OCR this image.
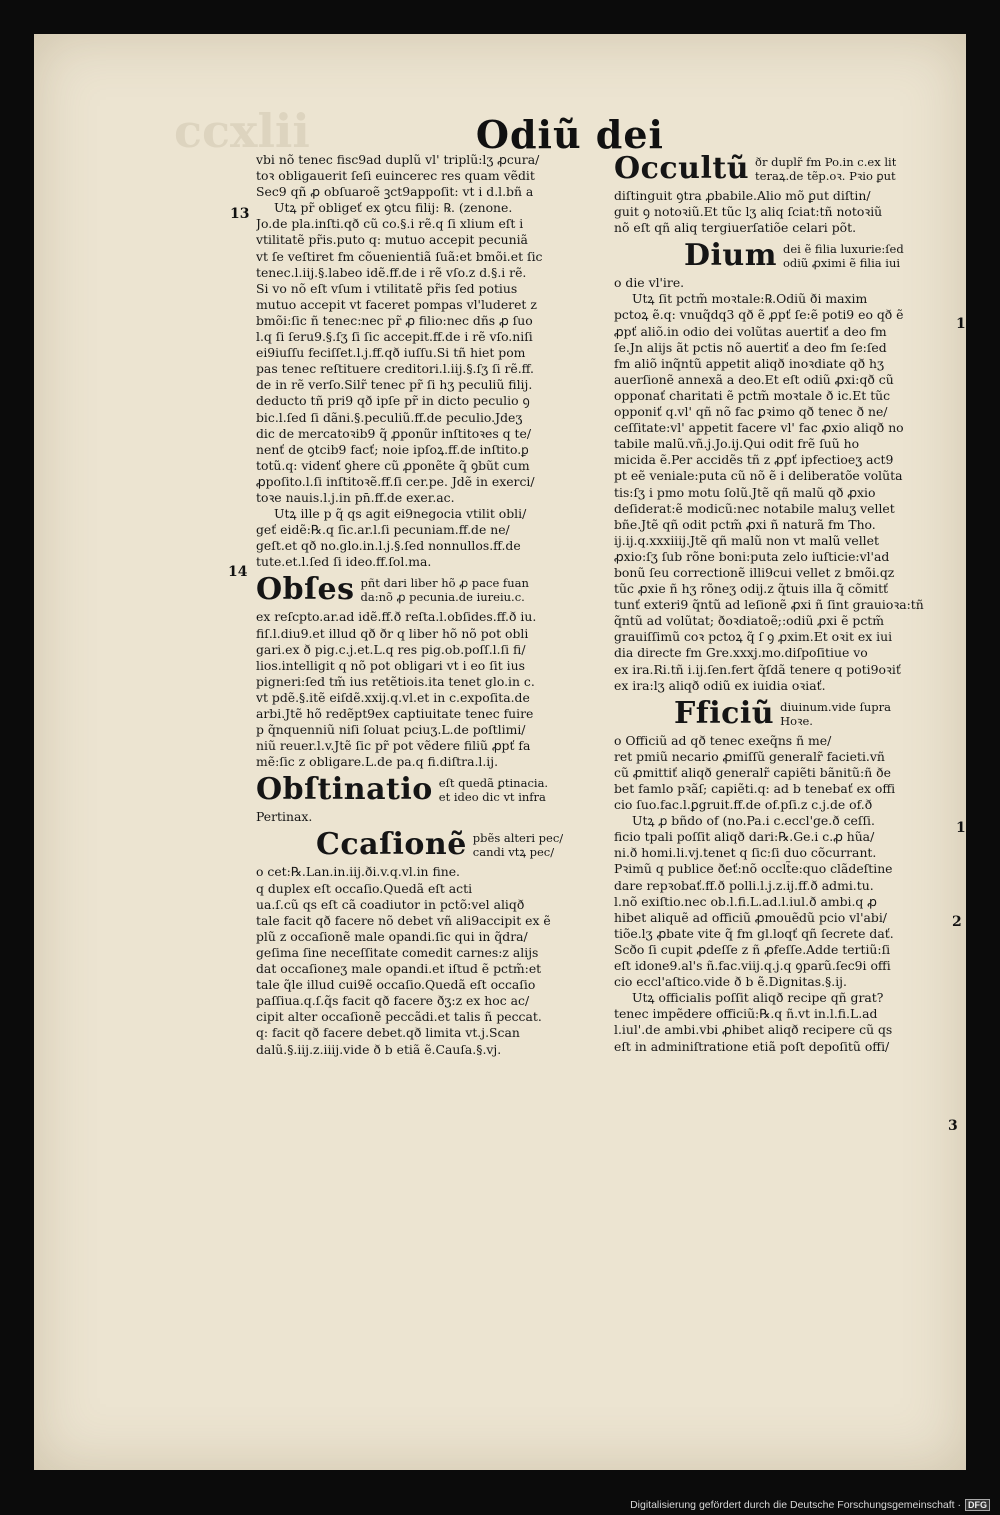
ccxlii	Odiũ dei
vbi nõ tenec fisc9ad duplũ vl' triplũ:lʒ ꝓcura/
toꝛ obligauerit ſeſi euincerec res quam vẽdit
Sec9 qñ ꝓ obſuaroẽ ꝫct9appoſit: vt i d.l.bñ a
Utꝝ pr̃ obligeť ex ꝯtcu filij: ℞. (zenone.
Jo.de pla.inſti.qð cũ co.§.i rẽ.q ſi xlium eſt i
vtilitatẽ pr̃is.puto q: mutuo accepit pecuniã
vt ſe veſtiret fm cõuenientiã ſuã:et bmõi.et ſic
tenec.l.iij.§.labeo idẽ.ff.de i rẽ vſo.z d.§.i rẽ.
Si vo nõ eſt vſum i vtilitatẽ pr̃is ſed potius
mutuo accepit vt faceret pompas vl'luderet z
bmõi:ſic ñ tenec:nec pr̃ ꝓ filio:nec dñs ꝓ ſuo
l.q ſi ſeru9.§.ſʒ ſi ſic accepit.ff.de i rẽ vſo.niſi
ei9iuſſu feciſſet.l.j.ff.qð iuſſu.Si tñ hiet pom
pas tenec reſtituere creditori.l.iij.§.ſʒ ſi rẽ.ff.
de in rẽ verſo.Silr̃ tenec pr̃ ſi hʒ peculiũ filij.
deducto tñ pri9 qð ipſe pr̃ in dicto peculio ꝯ
bic.l.ſed ſi dãni.§.peculiũ.ff.de peculio.Jdeʒ
dic de mercatoꝛib9 q̃ ꝓponũr inſtitoꝛes q te/
nenť de ꝯtcib9 facť; noie ipſoꝝ.ff.de inſtito.ꝑ
totũ.q: videnť ꝯhere cũ ꝓponẽte q̃ ꝯbũt cum
ꝓpoſito.l.ſi inſtitoꝛẽ.ff.ſi cer.pe. Jdẽ in exerci/
toꝛe nauis.l.j.in pn̄.ff.de exer.ac.
Utꝝ ille p q̃ qs agit ei9negocia vtilit obli/
geť eidẽ:℞.q ſic.ar.l.ſi pecuniam.ff.de ne/
geſt.et qð no.glo.in.l.j.§.ſed nonnullos.ff.de
tute.et.l.ſed ſi ideo.ff.ſol.ma.
Obſes pñt dari liber hõ ꝓ pace fuan
da:nõ ꝓ pecunia.de iureiu.c.
ex reſcpto.ar.ad idẽ.ff.ð reſta.l.obſides.ff.ð iu.
fiſ.l.diu9.et illud qð ðr q liber hõ nõ pot obli
gari.ex ð pig.c.j.et.L.q res pig.ob.poſſ.l.ſi fi/
lios.intelligit q nõ pot obligari vt i eo ſit ius
pigneri:ſed tm̃ ius retẽtiois.ita tenet glo.in c.
vt pdẽ.§.itẽ eiſdẽ.xxij.q.vl.et in c.expoſita.de
arbi.Jtẽ hõ redẽpt9ex captiuitate tenec fuire
p q̃nquenniũ niſi ſoluat pciuʒ.L.de poſtlimi/
niũ reuer.l.v.Jtẽ ſic pr̃ pot vẽdere filiũ ꝓpť fa
mẽ:ſic z obligare.L.de pa.q fi.diſtra.l.ij.
Obſtinatio eſt quedã ꝑtinacia.
et ideo dic vt infra
Pertinax.
Ccaſionẽ pbẽs alteri pec/
candi vtꝝ pec/
o cet:℞.Lan.in.iij.ði.v.q.vl.in fine.
q duplex eſt occaſio.Quedã eſt acti
ua.ſ.cũ qs eſt cã coadiutor in pctõ:vel aliqð
tale facit qð facere nõ debet vñ ali9accipit ex ẽ
plũ z occaſionẽ male opandi.ſic qui in q̃dra/
geſima ſine neceſſitate comedit carnes:z alijs
dat occaſioneʒ male opandi.et iſtud ẽ pctm̃:et
tale q̃le illud cui9ẽ occaſio.Quedã eſt occaſio
paſſiua.q.ſ.q̃s facit qð facere ðʒ:z ex hoc ac/
cipit alter occaſionẽ peccãdi.et talis ñ peccat.
q: facit qð facere debet.qð limita vt.j.Scan
dalũ.§.iij.z.iiij.vide ð b etiã ẽ.Cauſa.§.vj.
13
14
Occultũ ðr duplr̃ fm Po.in c.ex lit
teraꝝ.de tẽp.oꝛ. Pꝛio ꝑut
diſtinguit ꝯtra ꝓbabile.Alio mõ ꝑut diſtin/
guit ꝯ notoꝛiũ.Et tũc lʒ aliq ſciat:tñ notoꝛiũ
nõ eſt qñ aliq tergiuerſatiõe celari põt.
Dium dei ẽ filia luxurie:ſed
odiũ ꝓximi ẽ filia iui
o die vl'ire.
Utꝝ ſit pctm̃ moꝛtale:℞.Odiũ ði maxim
pctoꝝ ẽ.q: vnuq̃dq3 qð ẽ ꝓpť ſe:ẽ poti9 eo qð ẽ
ꝓpť aliõ.in odio dei volũtas auertiť a deo fm
ſe.Jn alijs ãt pctis nõ auertiť a deo fm ſe:ſed
fm aliõ inq̃ntũ appetit aliqð inoꝛdiate qð hʒ
auerſionẽ annexã a deo.Et eſt odiũ ꝓxi:qð cũ
opponať charitati ẽ pctm̃ moꝛtale ð ic.Et tũc
opponiť q.vl' qñ nõ fac ꝑꝛimo qð tenec ð ne/
ceſſitate:vl' appetit facere vl' fac ꝓxio aliqð no
tabile malũ.vñ.j.Jo.ij.Qui odit frẽ ſuũ ho
micida ẽ.Per accidẽs tñ z ꝓpť ipfectioeʒ act9
pt eẽ veniale:puta cũ nõ ẽ i deliberatõe volũta
tis:ſʒ i pmo motu ſolũ.Jtẽ qñ malũ qð ꝓxio
deſiderat:ẽ modicũ:nec notabile maluʒ vellet
bñe.Jtẽ qñ odit pctm̃ ꝓxi ñ naturã fm Tho.
ij.ij.q.xxxiiij.Jtẽ qñ malũ non vt malũ vellet
ꝓxio:ſʒ ſub rõne boni:puta zelo iuſticie:vl'ad
bonũ ſeu correctionẽ illi9cui vellet z bmõi.qz
tũc ꝓxie ñ hʒ rõneʒ odij.z q̃tuis illa q̃ cõmitť
tunť exteri9 q̃ntũ ad leſionẽ ꝓxi ñ ſint grauioꝛa:tñ
q̃ntũ ad volũtat; ðoꝛdiatoẽ;:odiũ ꝓxi ẽ pctm̃
grauiſſimũ coꝛ pctoꝝ q̃ ſ ꝯ ꝓxim.Et oꝛit ex iui
dia directe fm Gre.xxxj.mo.diſpoſitiue vo
ex ira.Ri.tñ i.ij.ſen.fert q̃ſdã tenere q poti9oꝛiť
ex ira:lʒ aliqð odiũ ex iuidia oꝛiať.
Fficiũ diuinum.vide ſupra
Hoꝛe.
o Officiũ ad qð tenec exeq̃ns ñ me/
ret pmiũ necario ꝓmiſſũ generalr̃ facieti.vñ
cũ ꝓmittiť aliqð generalr̃ capiẽti bãnitũ:ñ ðe
bet famlo pꝛãſ; capiẽti.q: ad b tenebať ex offi
cio ſuo.fac.l.ꝑgruit.ff.de of.pſi.z c.j.de of.ð
Utꝝ ꝓ bñdo of (no.Pa.i c.eccl'ge.ð ceſſi.
ficio tpali poſſit aliqð dari:℞.Ge.i c.ꝓ hũa/
ni.ð homi.li.vj.tenet q ſic:ſi duo cõcurrant.
Pꝛimũ q publice ðeť:nõ occlt̃e:quo clãdeſtine
dare repꝛobať.ff.ð polli.l.j.z.ij.ff.ð admi.tu.
l.nõ exiſtio.nec ob.l.fi.L.ad.l.iul.ð ambi.q ꝓ
hibet aliquẽ ad officiũ ꝓmouẽdũ pcio vl'abi/
tiõe.lʒ ꝓbate vite q̃ fm gl.loqť qñ ſecrete dať.
Scðo ſi cupit ꝓdeſſe z ñ ꝓfeſſe.Adde tertiũ:ſi
eſt idone9.al's ñ.fac.viij.q.j.q ꝯparũ.ſec9i offi
cio eccl'aſtico.vide ð b ẽ.Dignitas.§.ij.
Utꝝ officialis poſſit aliqð recipe qñ grat?
tenec impẽdere officiũ:℞.q ñ.vt in.l.fi.L.ad
l.iul'.de ambi.vbi ꝓhibet aliqð recipere cũ qs
eſt in adminiſtratione etiã poſt depoſitũ offi/
1
1
2
3
Digitalisierung gefördert durch die Deutsche Forschungsgemeinschaft · DFG
